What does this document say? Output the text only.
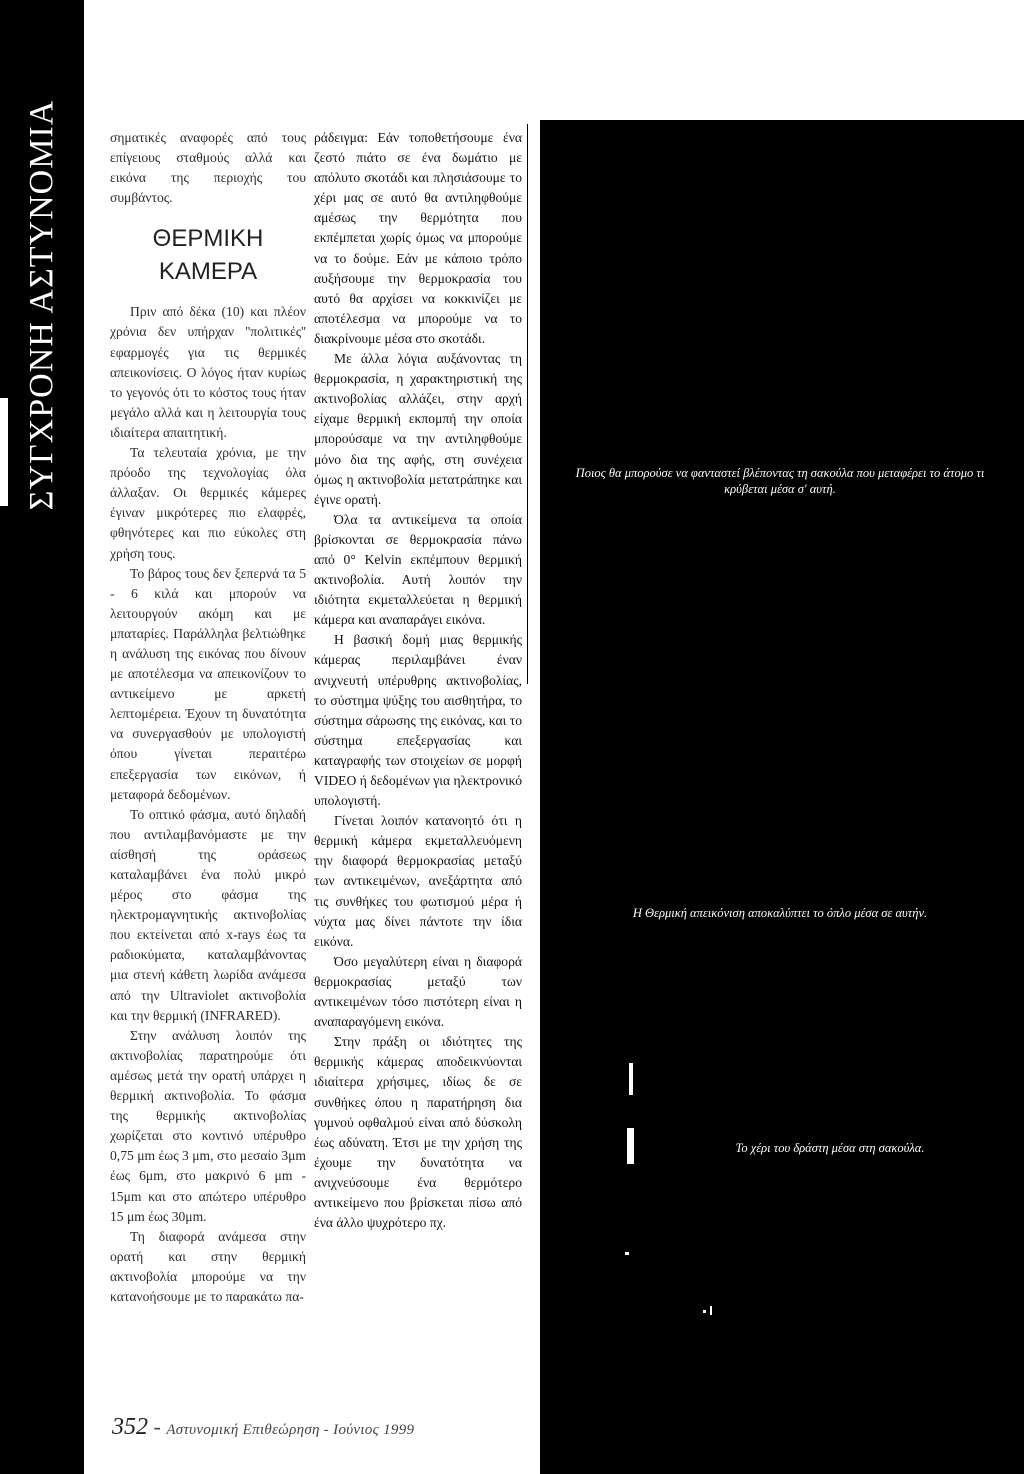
ΣΥΓΧΡΟΝΗ ΑΣΤΥΝΟΜΙΑ	σηματικές αναφορές από τους επίγειους σταθμούς αλλά και εικόνα της περιοχής του συμβάντος.

ΘΕΡΜΙΚΗ
ΚΑΜΕΡΑ

Πριν από δέκα (10) και πλέον χρόνια δεν υπήρχαν ''πολιτικές'' εφαρμογές για τις θερμικές απεικονίσεις. Ο λόγος ήταν κυρίως το γεγονός ότι το κόστος τους ήταν μεγάλο αλλά και η λειτουργία τους ιδιαίτερα απαιτητική.

Τα τελευταία χρόνια, με την πρόοδο της τεχνολογίας όλα άλλαξαν. Οι θερμικές κάμερες έγιναν μικρότερες πιο ελαφρές, φθηνότερες και πιο εύκολες στη χρήση τους.

Το βάρος τους δεν ξεπερνά τα 5 - 6 κιλά και μπορούν να λειτουργούν ακόμη και με μπαταρίες. Παράλληλα βελτιώθηκε η ανάλυση της εικόνας που δίνουν με αποτέλεσμα να απεικονίζουν το αντικείμενο με αρκετή λεπτομέρεια. Έχουν τη δυνατότητα να συνεργασθούν με υπολογιστή όπου γίνεται περαιτέρω επεξεργασία των εικόνων, ή μεταφορά δεδομένων.

Το οπτικό φάσμα, αυτό δηλαδή που αντιλαμβανόμαστε με την αίσθησή της οράσεως καταλαμβάνει ένα πολύ μικρό μέρος στο φάσμα της ηλεκτρομαγνητικής ακτινοβολίας που εκτείνεται από x-rays έως τα ραδιοκύματα, καταλαμβάνοντας μια στενή κάθετη λωρίδα ανάμεσα από την Ultraviolet ακτινοβολία και την θερμική (INFRARED).

Στην ανάλυση λοιπόν της ακτινοβολίας παρατηρούμε ότι αμέσως μετά την ορατή υπάρχει η θερμική ακτινοβολία. Το φάσμα της θερμικής ακτινοβολίας χωρίζεται στο κοντινό υπέρυθρο 0,75 μm έως 3 μm, στο μεσαίο 3μm έως 6μm, στο μακρινό 6 μm - 15μm και στο απώτερο υπέρυθρο 15 μm έως 30μm.

Τη διαφορά ανάμεσα στην ορατή και στην θερμική ακτινοβολία μπορούμε να την κατανοήσουμε με το παρακάτω πα-

ράδειγμα: Εάν τοποθετήσουμε ένα ζεστό πιάτο σε ένα δωμάτιο με απόλυτο σκοτάδι και πλησιάσουμε το χέρι μας σε αυτό θα αντιληφθούμε αμέσως την θερμότητα που εκπέμπεται χωρίς όμως να μπορούμε να το δούμε. Εάν με κάποιο τρόπο αυξήσουμε την θερμοκρασία του αυτό θα αρχίσει να κοκκινίζει με αποτέλεσμα να μπορούμε να το διακρίνουμε μέσα στο σκοτάδι.

Με άλλα λόγια αυξάνοντας τη θερμοκρασία, η χαρακτηριστική της ακτινοβολίας αλλάζει, στην αρχή είχαμε θερμική εκπομπή την οποία μπορούσαμε να την αντιληφθούμε μόνο δια της αφής, στη συνέχεια όμως η ακτινοβολία μετατράπηκε και έγινε ορατή.

Όλα τα αντικείμενα τα οποία βρίσκονται σε θερμοκρασία πάνω από 0° Kelvin εκπέμπουν θερμική ακτινοβολία. Αυτή λοιπόν την ιδιότητα εκμεταλλεύεται η θερμική κάμερα και αναπαράγει εικόνα.

Η βασική δομή μιας θερμικής κάμερας περιλαμβάνει έναν ανιχνευτή υπέρυθρης ακτινοβολίας, το σύστημα ψύξης του αισθητήρα, το σύστημα σάρωσης της εικόνας, και το σύστημα επεξεργασίας και καταγραφής των στοιχείων σε μορφή VIDEO ή δεδομένων για ηλεκτρονικό υπολογιστή.

Γίνεται λοιπόν κατανοητό ότι η θερμική κάμερα εκμεταλλευόμενη την διαφορά θερμοκρασίας μεταξύ των αντικειμένων, ανεξάρτητα από τις συνθήκες του φωτισμού μέρα ή νύχτα μας δίνει πάντοτε την ίδια εικόνα.

Όσο μεγαλύτερη είναι η διαφορά θερμοκρασίας μεταξύ των αντικειμένων τόσο πιστότερη είναι η αναπαραγόμενη εικόνα.

Στην πράξη οι ιδιότητες της θερμικής κάμερας αποδεικνύονται ιδιαίτερα χρήσιμες, ιδίως δε σε συνθήκες όπου η παρατήρηση δια γυμνού οφθαλμού είναι από δύσκολη έως αδύνατη. Έτσι με την χρήση της έχουμε την δυνατότητα να ανιχνεύσουμε ένα θερμότερο αντικείμενο που βρίσκεται πίσω από ένα άλλο ψυχρότερο πχ.

Ποιος θα μπορούσε να φανταστεί βλέποντας τη σακούλα που μεταφέρει το άτομο τι κρύβεται μέσα σ' αυτή.
Η Θερμική απεικόνιση αποκαλύπτει το όπλο μέσα σε αυτήν.
Το χέρι του δράστη μέσα στη σακούλα.
352 - Αστυνομική Επιθεώρηση - Ιούνιος 1999
